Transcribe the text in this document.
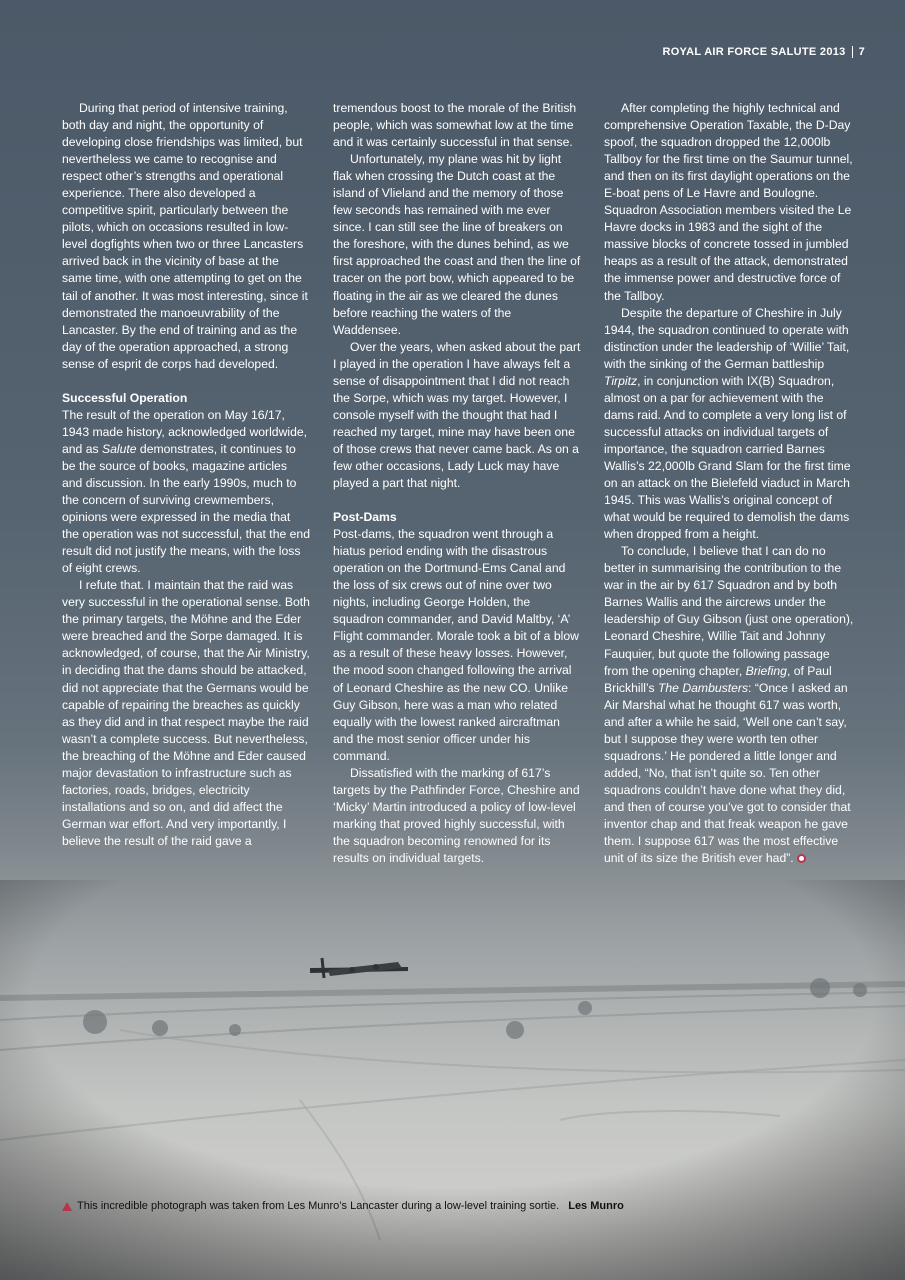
ROYAL AIR FORCE SALUTE 2013 7

During that period of intensive training, both day and night, the opportunity of developing close friendships was limited, but nevertheless we came to recognise and respect other’s strengths and operational experience. There also developed a competitive spirit, particularly between the pilots, which on occasions resulted in low-level dogfights when two or three Lancasters arrived back in the vicinity of base at the same time, with one attempting to get on the tail of another. It was most interesting, since it demonstrated the manoeuvrability of the Lancaster. By the end of training and as the day of the operation approached, a strong sense of esprit de corps had developed.

Successful Operation

The result of the operation on May 16/17, 1943 made history, acknowledged worldwide, and as Salute demonstrates, it continues to be the source of books, magazine articles and discussion. In the early 1990s, much to the concern of surviving crewmembers, opinions were expressed in the media that the operation was not successful, that the end result did not justify the means, with the loss of eight crews.

I refute that. I maintain that the raid was very successful in the operational sense. Both the primary targets, the Möhne and the Eder were breached and the Sorpe damaged. It is acknowledged, of course, that the Air Ministry, in deciding that the dams should be attacked, did not appreciate that the Germans would be capable of repairing the breaches as quickly as they did and in that respect maybe the raid wasn’t a complete success. But nevertheless, the breaching of the Möhne and Eder caused major devastation to infrastructure such as factories, roads, bridges, electricity installations and so on, and did affect the German war effort. And very importantly, I believe the result of the raid gave a

tremendous boost to the morale of the British people, which was somewhat low at the time and it was certainly successful in that sense.

Unfortunately, my plane was hit by light flak when crossing the Dutch coast at the island of Vlieland and the memory of those few seconds has remained with me ever since. I can still see the line of breakers on the foreshore, with the dunes behind, as we first approached the coast and then the line of tracer on the port bow, which appeared to be floating in the air as we cleared the dunes before reaching the waters of the Waddensee.

Over the years, when asked about the part I played in the operation I have always felt a sense of disappointment that I did not reach the Sorpe, which was my target. However, I console myself with the thought that had I reached my target, mine may have been one of those crews that never came back. As on a few other occasions, Lady Luck may have played a part that night.

Post-Dams

Post-dams, the squadron went through a hiatus period ending with the disastrous operation on the Dortmund-Ems Canal and the loss of six crews out of nine over two nights, including George Holden, the squadron commander, and David Maltby, ‘A’ Flight commander. Morale took a bit of a blow as a result of these heavy losses. However, the mood soon changed following the arrival of Leonard Cheshire as the new CO. Unlike Guy Gibson, here was a man who related equally with the lowest ranked aircraftman and the most senior officer under his command.

Dissatisfied with the marking of 617’s targets by the Pathfinder Force, Cheshire and ‘Micky’ Martin introduced a policy of low-level marking that proved highly successful, with the squadron becoming renowned for its results on individual targets.

After completing the highly technical and comprehensive Operation Taxable, the D-Day spoof, the squadron dropped the 12,000lb Tallboy for the first time on the Saumur tunnel, and then on its first daylight operations on the E-boat pens of Le Havre and Boulogne. Squadron Association members visited the Le Havre docks in 1983 and the sight of the massive blocks of concrete tossed in jumbled heaps as a result of the attack, demonstrated the immense power and destructive force of the Tallboy.

Despite the departure of Cheshire in July 1944, the squadron continued to operate with distinction under the leadership of ‘Willie’ Tait, with the sinking of the German battleship Tirpitz, in conjunction with IX(B) Squadron, almost on a par for achievement with the dams raid. And to complete a very long list of successful attacks on individual targets of importance, the squadron carried Barnes Wallis’s 22,000lb Grand Slam for the first time on an attack on the Bielefeld viaduct in March 1945. This was Wallis’s original concept of what would be required to demolish the dams when dropped from a height.

To conclude, I believe that I can do no better in summarising the contribution to the war in the air by 617 Squadron and by both Barnes Wallis and the aircrews under the leadership of Guy Gibson (just one operation), Leonard Cheshire, Willie Tait and Johnny Fauquier, but quote the following passage from the opening chapter, Briefing, of Paul Brickhill’s The Dambusters: “Once I asked an Air Marshal what he thought 617 was worth, and after a while he said, ‘Well one can’t say, but I suppose they were worth ten other squadrons.’ He pondered a little longer and added, “No, that isn’t quite so. Ten other squadrons couldn’t have done what they did, and then of course you’ve got to consider that inventor chap and that freak weapon he gave them. I suppose 617 was the most effective unit of its size the British ever had”.

This incredible photograph was taken from Les Munro’s Lancaster during a low-level training sortie. Les Munro
